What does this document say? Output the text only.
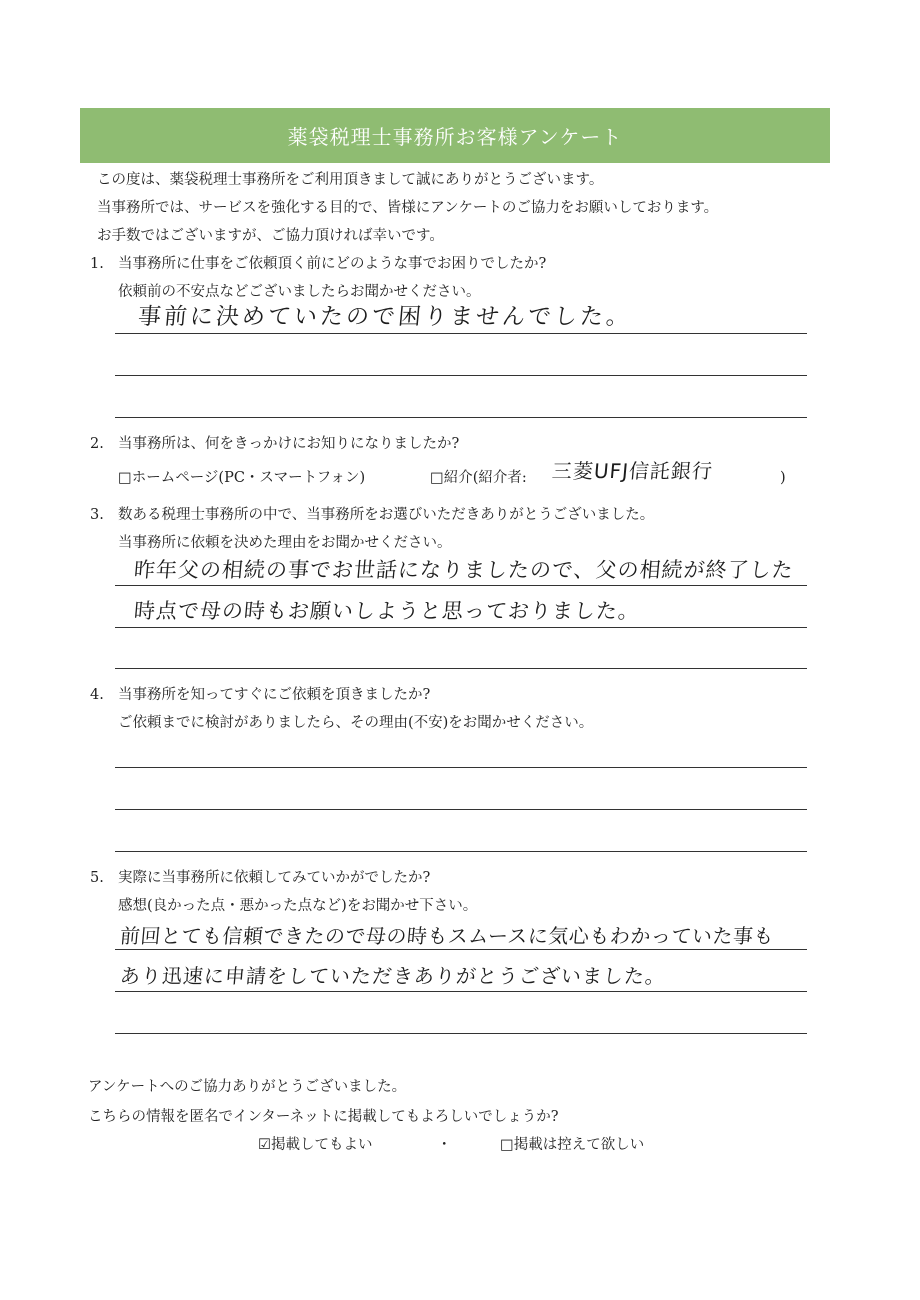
薬袋税理士事務所お客様アンケート
この度は、薬袋税理士事務所をご利用頂きまして誠にありがとうございます。
当事務所では、サービスを強化する目的で、皆様にアンケートのご協力をお願いしております。
お手数ではございますが、ご協力頂ければ幸いです。
1. 当事務所に仕事をご依頼頂く前にどのような事でお困りでしたか?
依頼前の不安点などございましたらお聞かせください。
事前に決めていたので困りませんでした。
2. 当事務所は、何をきっかけにお知りになりましたか?
□ホームページ(PC・スマートフォン)	□紹介(紹介者: 三菱UFJ信託銀行	)
3. 数ある税理士事務所の中で、当事務所をお選びいただきありがとうございました。
当事務所に依頼を決めた理由をお聞かせください。
昨年父の相続の事でお世話になりましたので、父の相続が終了した
時点で母の時もお願いしようと思っておりました。
4. 当事務所を知ってすぐにご依頼を頂きましたか?
ご依頼までに検討がありましたら、その理由(不安)をお聞かせください。
5. 実際に当事務所に依頼してみていかがでしたか?
感想(良かった点・悪かった点など)をお聞かせ下さい。
前回とても信頼できたので母の時もスムースに気心もわかっていた事も
あり迅速に申請をしていただきありがとうございました。
アンケートへのご協力ありがとうございました。
こちらの情報を匿名でインターネットに掲載してもよろしいでしょうか?
☑掲載してもよい	・	□掲載は控えて欲しい
